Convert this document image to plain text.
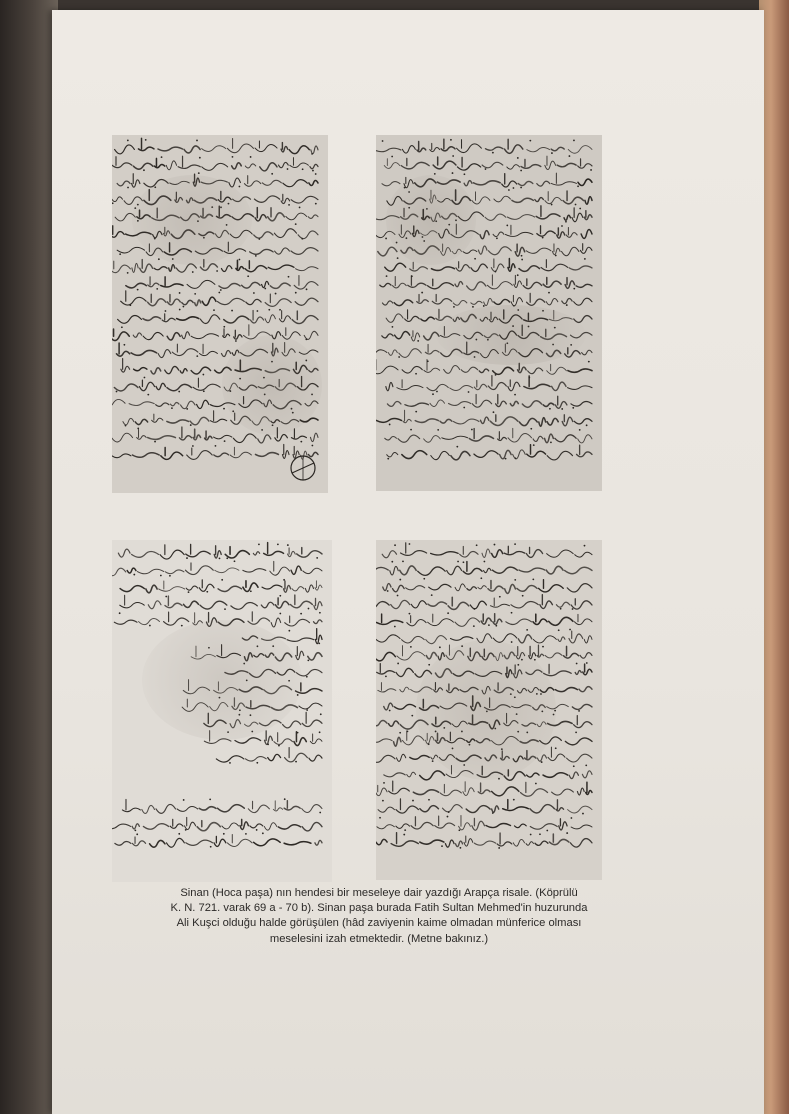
Sinan (Hoca paşa) nın hendesi bir meseleye dair yazdığı Arapça risale. (Köprülü
K. N. 721. varak 69 a - 70 b). Sinan paşa burada Fatih Sultan Mehmed'in huzurunda
Ali Kuşci olduğu halde görüşülen (hâd zaviyenin kaime olmadan münferice olması
meselesini izah etmektedir. (Metne bakınız.)
